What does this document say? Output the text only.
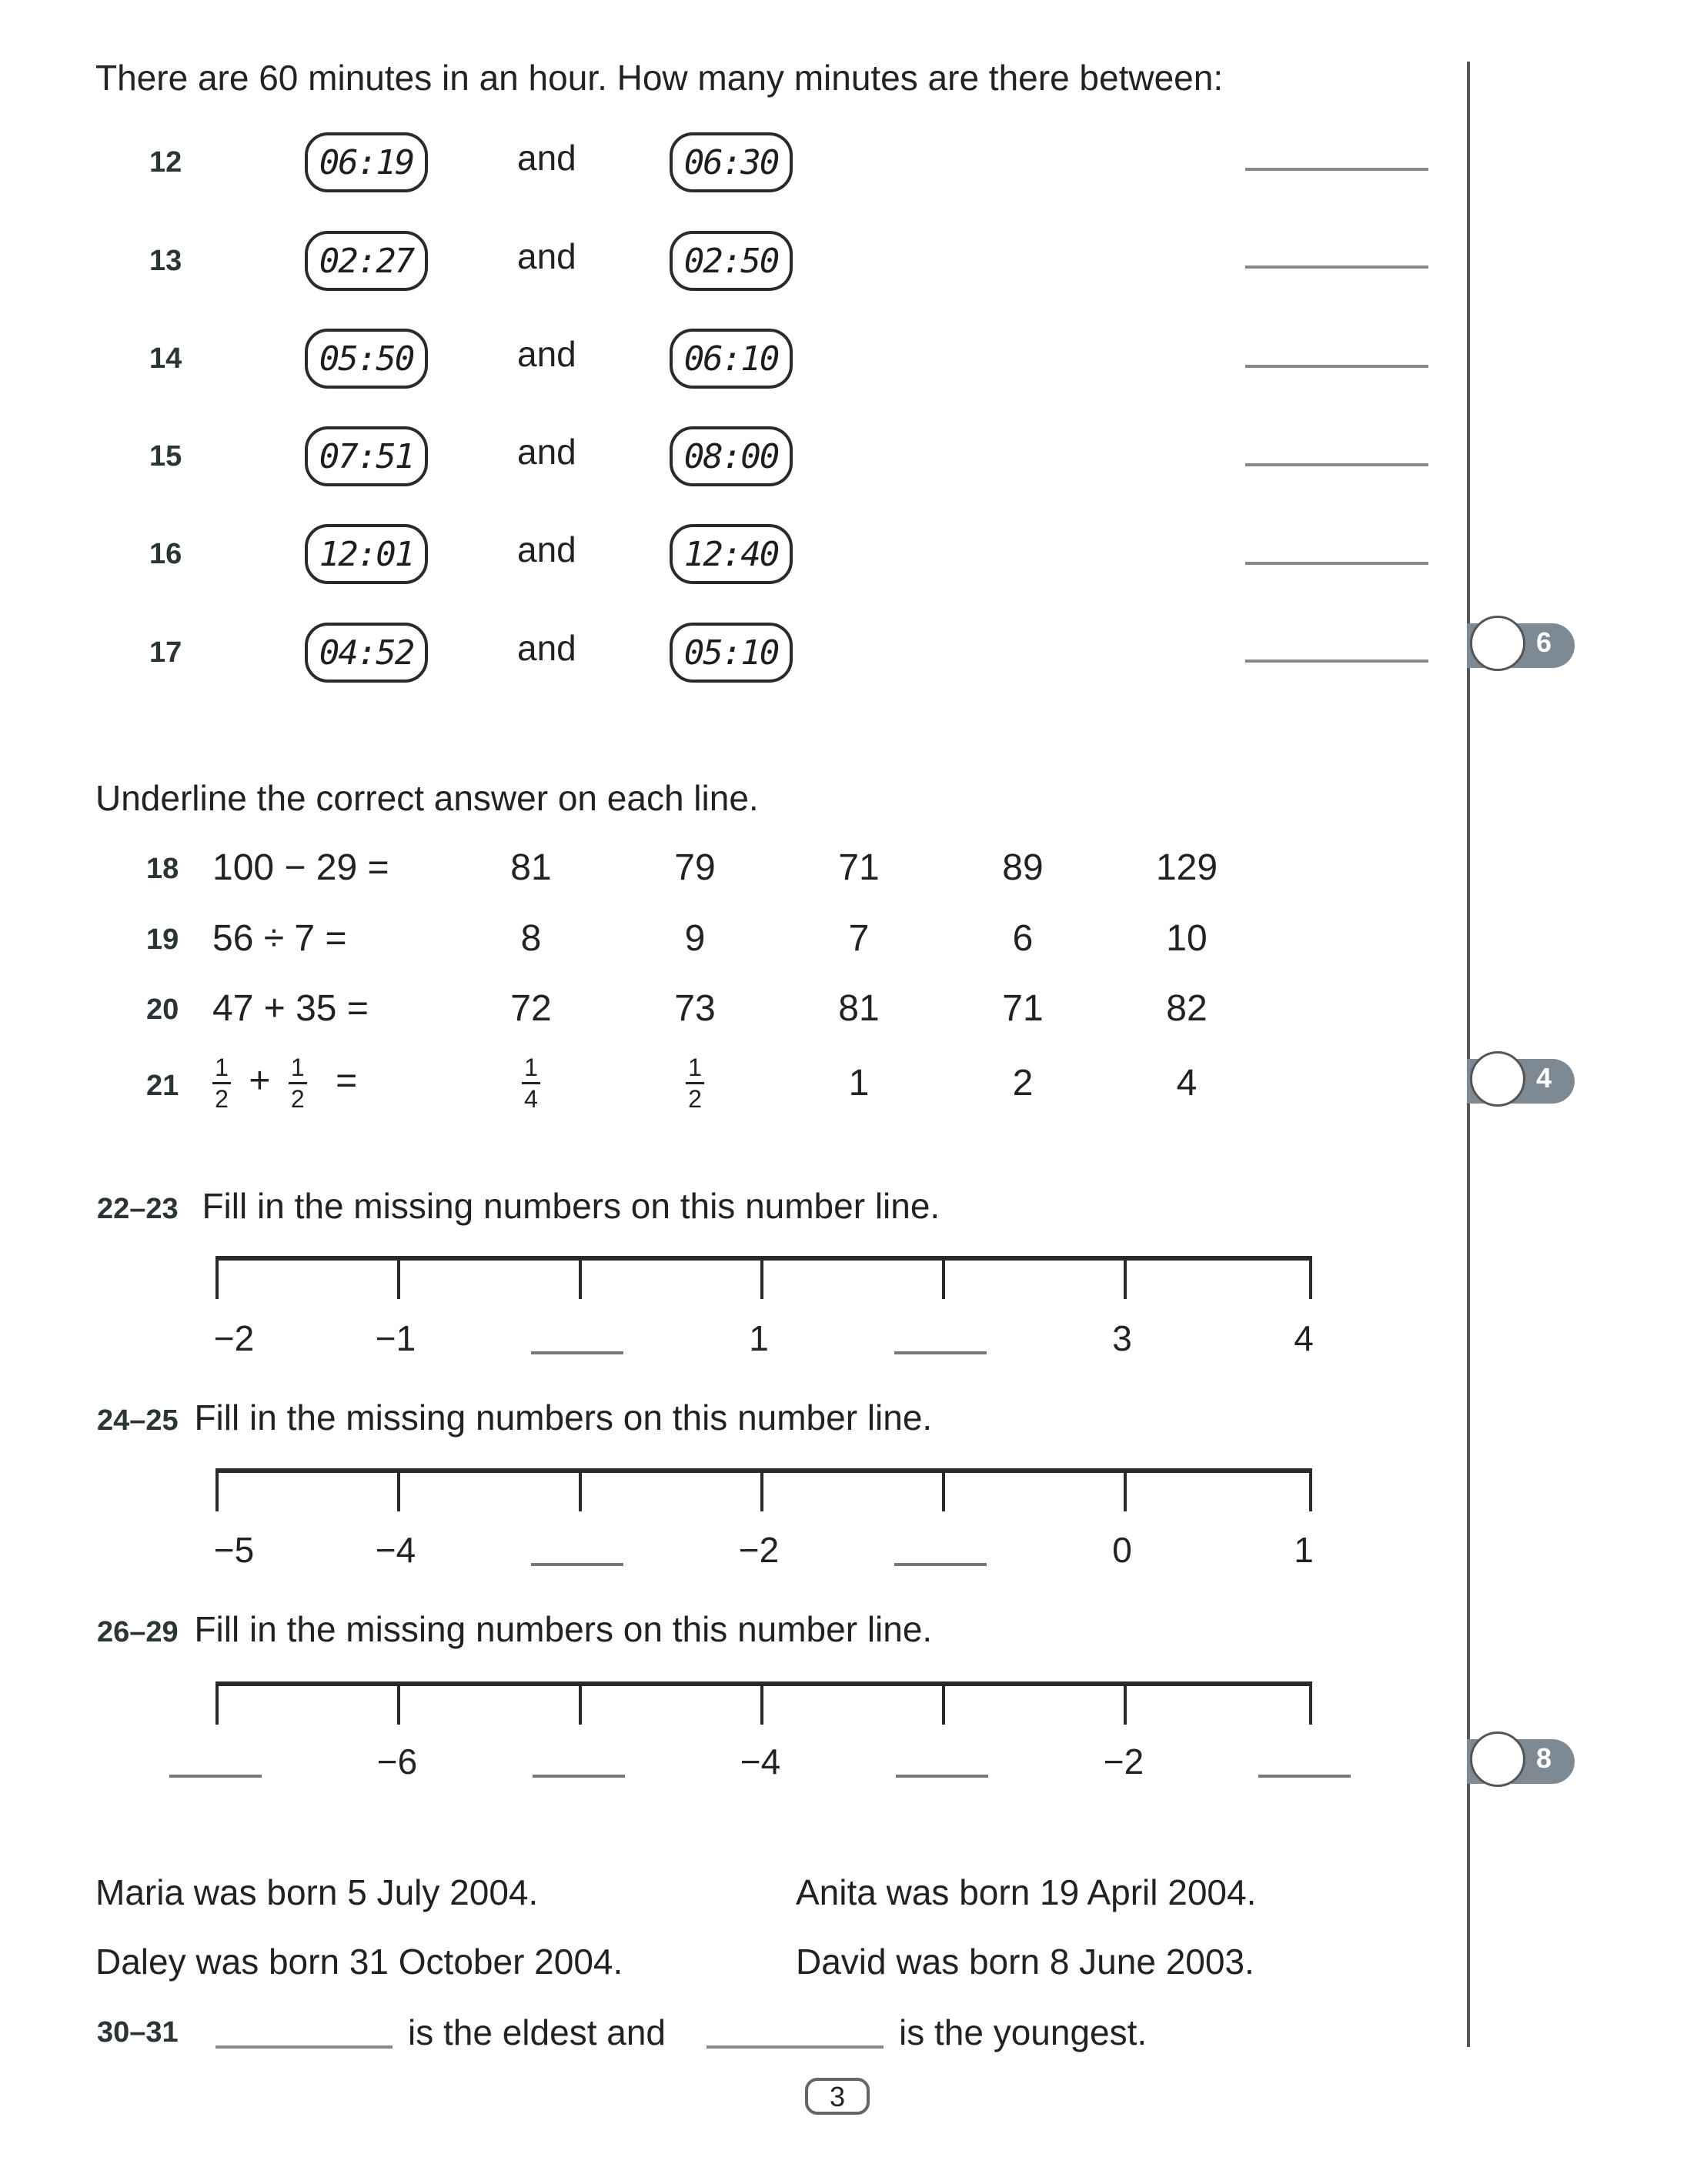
There are 60 minutes in an hour. How many minutes are there between:
12	06:19	and	06:30
13	02:27	and	02:50
14	05:50	and	06:10
15	07:51	and	08:00
16	12:01	and	12:40
17	04:52	and	05:10
Underline the correct answer on each line.
18 100 − 29 =	81	79	71	89	129
19 56 ÷ 7 =	8	9	7	6	10
20 47 + 35 =	72	73	81	71	82
$21 \frac{1}{2} + \frac{1}{2}$ =	$\frac{1}{4}$	$\frac{1}{2}$	1	2	4
22–23 Fill in the missing numbers on this number line.
−2	−1	1	3	4
24–25 Fill in the missing numbers on this number line.
−5	−4	−2	0	1
26–29 Fill in the missing numbers on this number line.
−6	−4	−2
Maria was born 5 July 2004.	Anita was born 19 April 2004.
Daley was born 31 October 2004.	David was born 8 June 2003.
30–31	is the eldest and	is the youngest.
6
4
8
3
